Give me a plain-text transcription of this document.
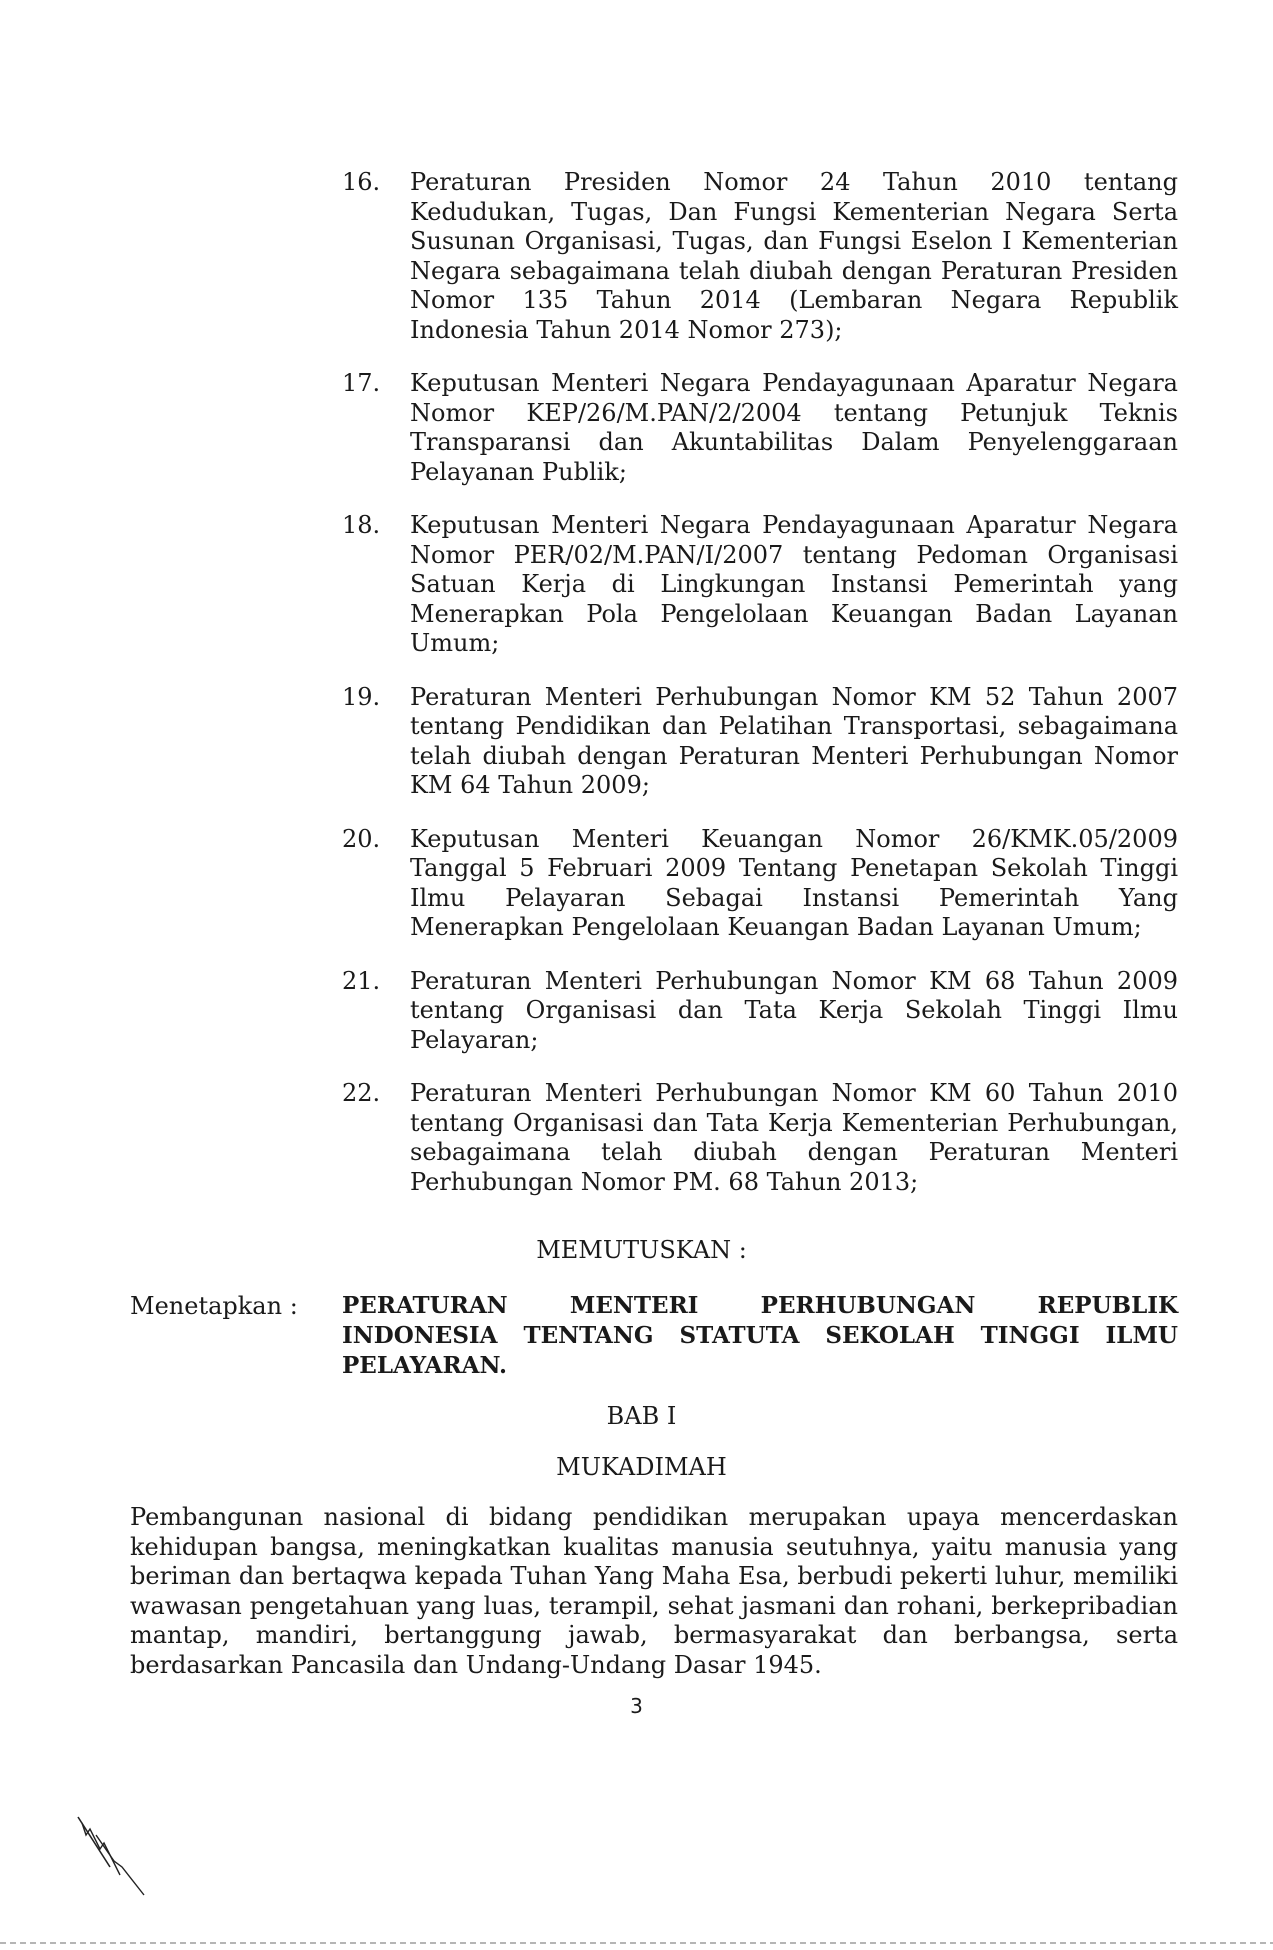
16.	Peraturan Presiden Nomor 24 Tahun 2010 tentang Kedudukan, Tugas, Dan Fungsi Kementerian Negara Serta Susunan Organisasi, Tugas, dan Fungsi Eselon I Kementerian Negara sebagaimana telah diubah dengan Peraturan Presiden Nomor 135 Tahun 2014 (Lembaran Negara Republik Indonesia Tahun 2014 Nomor 273);
17.	Keputusan Menteri Negara Pendayagunaan Aparatur Negara Nomor KEP/26/M.PAN/2/2004 tentang Petunjuk Teknis Transparansi dan Akuntabilitas Dalam Penyelenggaraan Pelayanan Publik;
18.	Keputusan Menteri Negara Pendayagunaan Aparatur Negara Nomor PER/02/M.PAN/I/2007 tentang Pedoman Organisasi Satuan Kerja di Lingkungan Instansi Pemerintah yang Menerapkan Pola Pengelolaan Keuangan Badan Layanan Umum;
19.	Peraturan Menteri Perhubungan Nomor KM 52 Tahun 2007 tentang Pendidikan dan Pelatihan Transportasi, sebagaimana telah diubah dengan Peraturan Menteri Perhubungan Nomor KM 64 Tahun 2009;
20.	Keputusan Menteri Keuangan Nomor 26/KMK.05/2009 Tanggal 5 Februari 2009 Tentang Penetapan Sekolah Tinggi Ilmu Pelayaran Sebagai Instansi Pemerintah Yang Menerapkan Pengelolaan Keuangan Badan Layanan Umum;
21.	Peraturan Menteri Perhubungan Nomor KM 68 Tahun 2009 tentang Organisasi dan Tata Kerja Sekolah Tinggi Ilmu Pelayaran;
22.	Peraturan Menteri Perhubungan Nomor KM 60 Tahun 2010 tentang Organisasi dan Tata Kerja Kementerian Perhubungan, sebagaimana telah diubah dengan Peraturan Menteri Perhubungan Nomor PM. 68 Tahun 2013;
MEMUTUSKAN :
Menetapkan : PERATURAN MENTERI PERHUBUNGAN REPUBLIK INDONESIA TENTANG STATUTA SEKOLAH TINGGI ILMU PELAYARAN.
BAB I
MUKADIMAH
Pembangunan nasional di bidang pendidikan merupakan upaya mencerdaskan kehidupan bangsa, meningkatkan kualitas manusia seutuhnya, yaitu manusia yang beriman dan bertaqwa kepada Tuhan Yang Maha Esa, berbudi pekerti luhur, memiliki wawasan pengetahuan yang luas, terampil, sehat jasmani dan rohani, berkepribadian mantap, mandiri, bertanggung jawab, bermasyarakat dan berbangsa, serta berdasarkan Pancasila dan Undang-Undang Dasar 1945.
3
